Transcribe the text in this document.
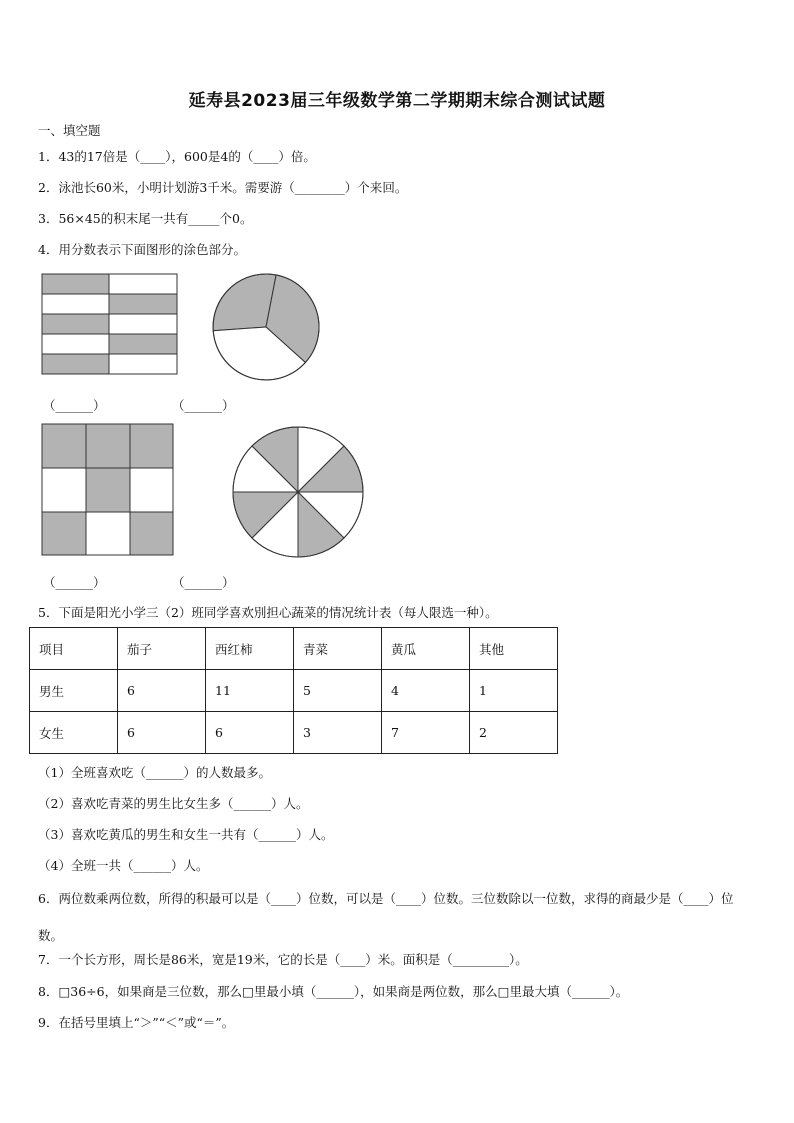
延寿县2023届三年级数学第二学期期末综合测试试题
一、填空题
1．43的17倍是（____），600是4的（____）倍。
2．泳池长60米，小明计划游3千米。需要游（________）个来回。
3．56×45的积末尾一共有_____个0。
4．用分数表示下面图形的涂色部分。
（______）	（______）
（______）	（______）
5．下面是阳光小学三（2）班同学喜欢別担心蔬菜的情况统计表（每人限选一种）。
项目	茄子	西红柿	青菜	黄瓜	其他
男生	6	11	5	4	1
女生	6	6	3	7	2
（1）全班喜欢吃（______）的人数最多。
（2）喜欢吃青菜的男生比女生多（______）人。
（3）喜欢吃黄瓜的男生和女生一共有（______）人。
（4）全班一共（______）人。
6．两位数乘两位数，所得的积最可以是（____）位数，可以是（____）位数。三位数除以一位数，求得的商最少是（____）位数。
7．一个长方形，周长是86米，宽是19米，它的长是（____）米。面积是（_________）。
8．□36÷6，如果商是三位数，那么□里最小填（______），如果商是两位数，那么□里最大填（______）。
9．在括号里填上“＞”“＜”或“＝”。
